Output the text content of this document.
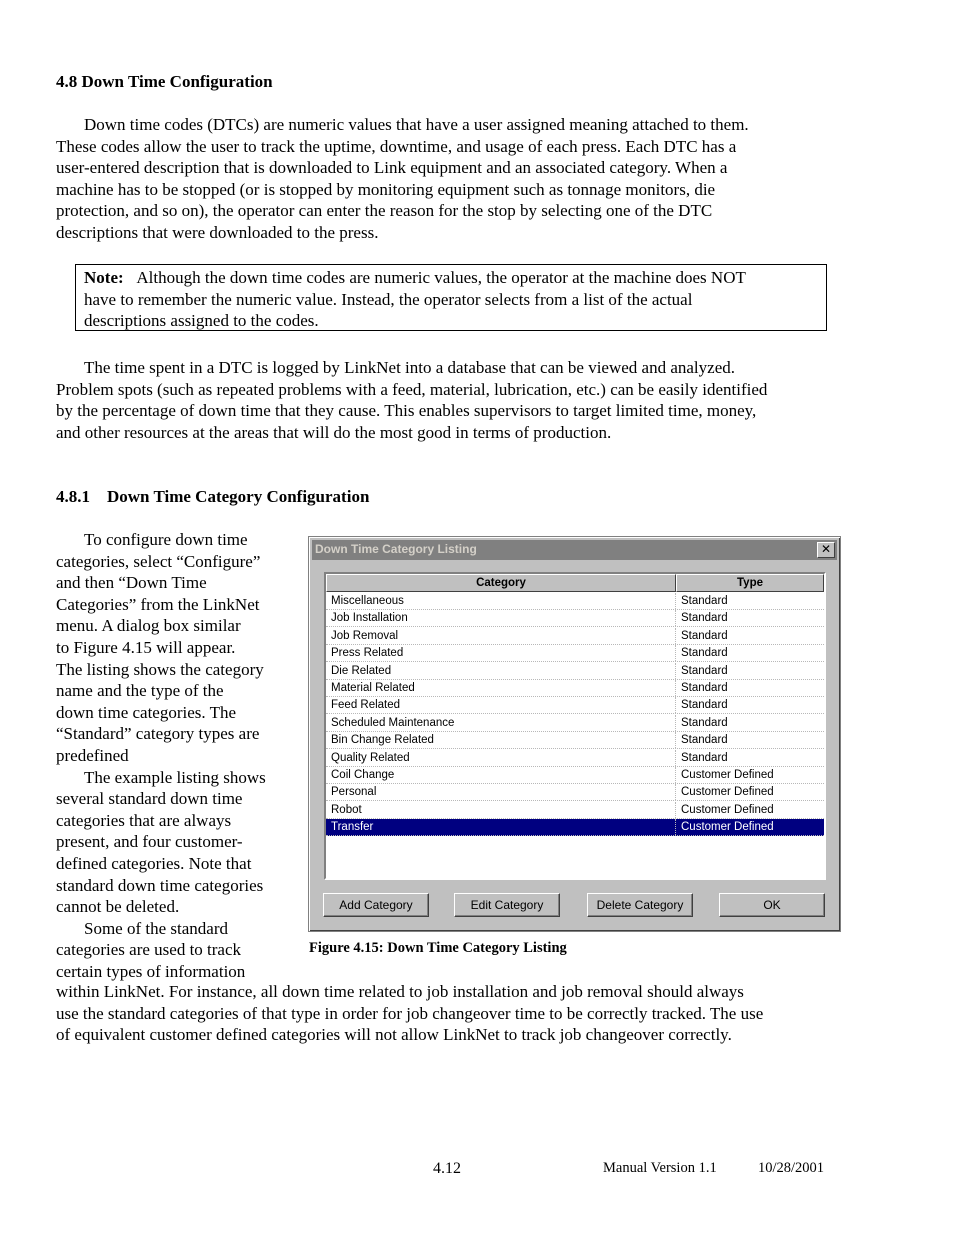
4.8 Down Time Configuration
Down time codes (DTCs) are numeric values that have a user assigned meaning attached to them.
These codes allow the user to track the uptime, downtime, and usage of each press. Each DTC has a
user-entered description that is downloaded to Link equipment and an associated category. When a
machine has to be stopped (or is stopped by monitoring equipment such as tonnage monitors, die
protection, and so on), the operator can enter the reason for the stop by selecting one of the DTC
descriptions that were downloaded to the press.
Note: Although the down time codes are numeric values, the operator at the machine does NOT
have to remember the numeric value. Instead, the operator selects from a list of the actual
descriptions assigned to the codes.
The time spent in a DTC is logged by LinkNet into a database that can be viewed and analyzed.
Problem spots (such as repeated problems with a feed, material, lubrication, etc.) can be easily identified
by the percentage of down time that they cause. This enables supervisors to target limited time, money,
and other resources at the areas that will do the most good in terms of production.
4.8.1    Down Time Category Configuration
To configure down time
categories, select “Configure”
and then “Down Time
Categories” from the LinkNet
menu. A dialog box similar
to Figure 4.15 will appear.
The listing shows the category
name and the type of the
down time categories. The
“Standard” category types are
predefined
The example listing shows
several standard down time
categories that are always
present, and four customer-
defined categories. Note that
standard down time categories
cannot be deleted.
Some of the standard
categories are used to track
certain types of information
within LinkNet. For instance, all down time related to job installation and job removal should always
use the standard categories of that type in order for job changeover time to be correctly tracked. The use
of equivalent customer defined categories will not allow LinkNet to track job changeover correctly.
Down Time Category Listing	✕
Category	Type
Miscellaneous	Standard
Job Installation	Standard
Job Removal	Standard
Press Related	Standard
Die Related	Standard
Material Related	Standard
Feed Related	Standard
Scheduled Maintenance	Standard
Bin Change Related	Standard
Quality Related	Standard
Coil Change	Customer Defined
Personal	Customer Defined
Robot	Customer Defined
Transfer	Customer Defined
Add Category	Edit Category	Delete Category	OK
Figure 4.15: Down Time Category Listing
4.12	Manual Version 1.1	10/28/2001
